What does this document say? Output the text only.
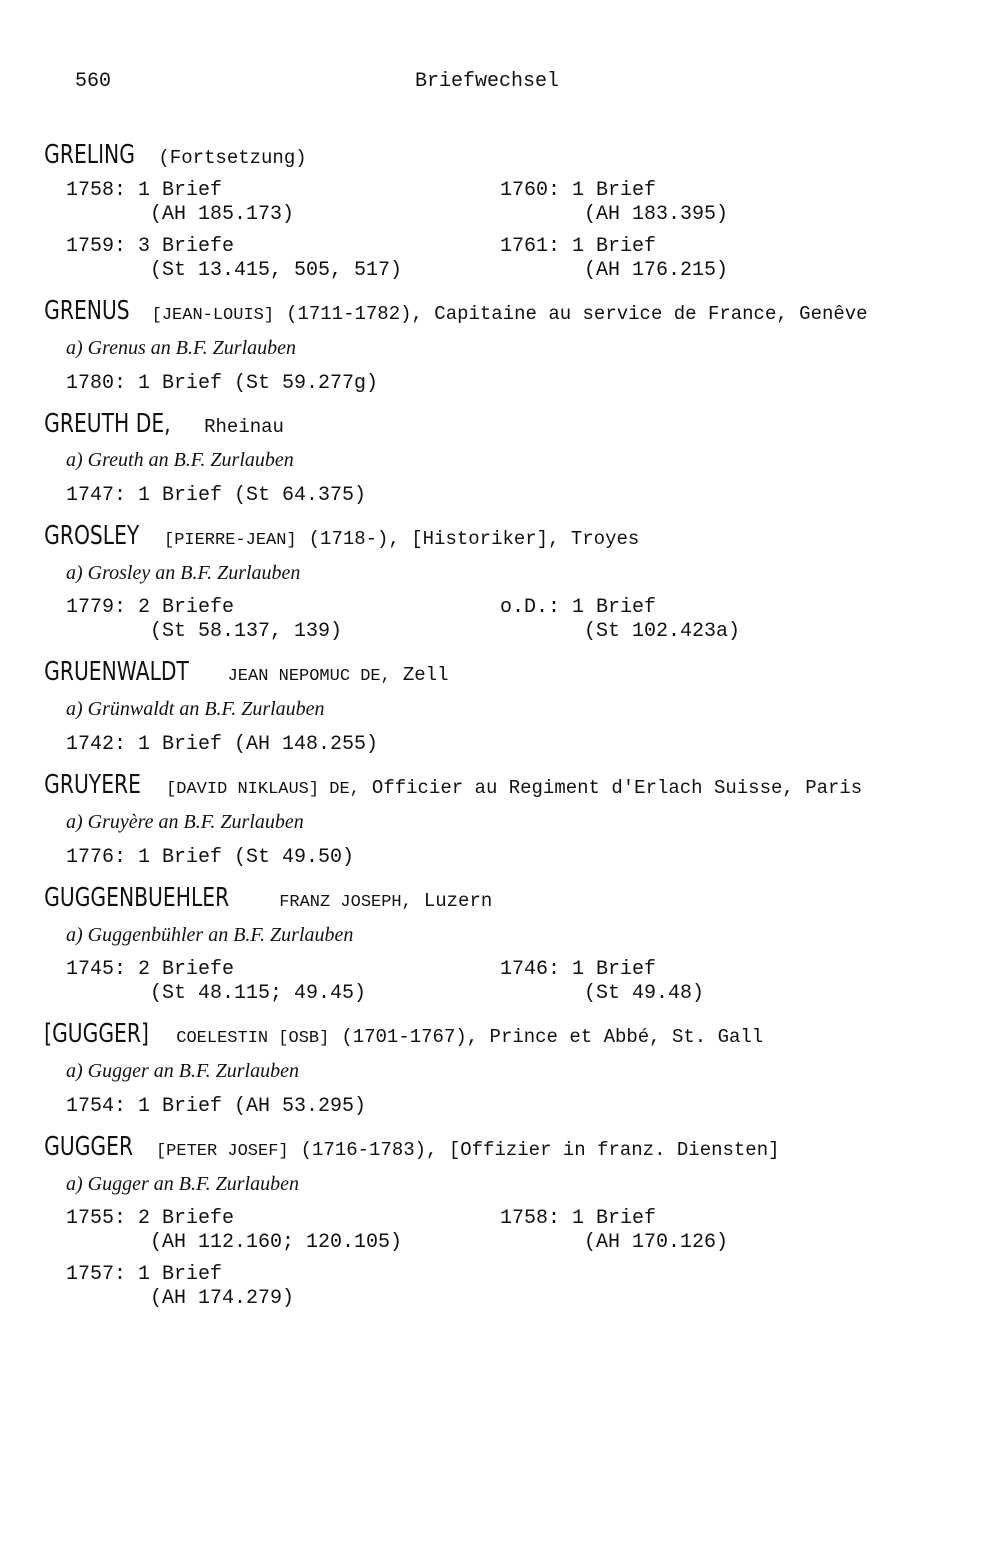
560	Briefwechsel
GRELING (Fortsetzung)
1758: 1 Brief
(AH 185.173)
1760: 1 Brief
(AH 183.395)
1759: 3 Briefe
(St 13.415, 505, 517)
1761: 1 Brief
(AH 176.215)
GRENUS [JEAN-LOUIS] (1711-1782), Capitaine au service de France, Genêve
a) Grenus an B.F. Zurlauben
1780: 1 Brief (St 59.277g)
GREUTH DE, Rheinau
a) Greuth an B.F. Zurlauben
1747: 1 Brief (St 64.375)
GROSLEY [PIERRE-JEAN] (1718-), [Historiker], Troyes
a) Grosley an B.F. Zurlauben
1779: 2 Briefe
(St 58.137, 139)
o.D.: 1 Brief
(St 102.423a)
GRUENWALDT JEAN NEPOMUC DE, Zell
a) Grünwaldt an B.F. Zurlauben
1742: 1 Brief (AH 148.255)
GRUYERE [DAVID NIKLAUS] DE, Officier au Regiment d'Erlach Suisse, Paris
a) Gruyère an B.F. Zurlauben
1776: 1 Brief (St 49.50)
GUGGENBUEHLER	FRANZ JOSEPH, Luzern
a) Guggenbühler an B.F. Zurlauben
1745: 2 Briefe
(St 48.115; 49.45)
1746: 1 Brief
(St 49.48)
[GUGGER] COELESTIN [OSB] (1701-1767), Prince et Abbé, St. Gall
a) Gugger an B.F. Zurlauben
1754: 1 Brief (AH 53.295)
GUGGER [PETER JOSEF] (1716-1783), [Offizier in franz. Diensten]
a) Gugger an B.F. Zurlauben
1755: 2 Briefe
(AH 112.160; 120.105)
1758: 1 Brief
(AH 170.126)
1757: 1 Brief
(AH 174.279)
